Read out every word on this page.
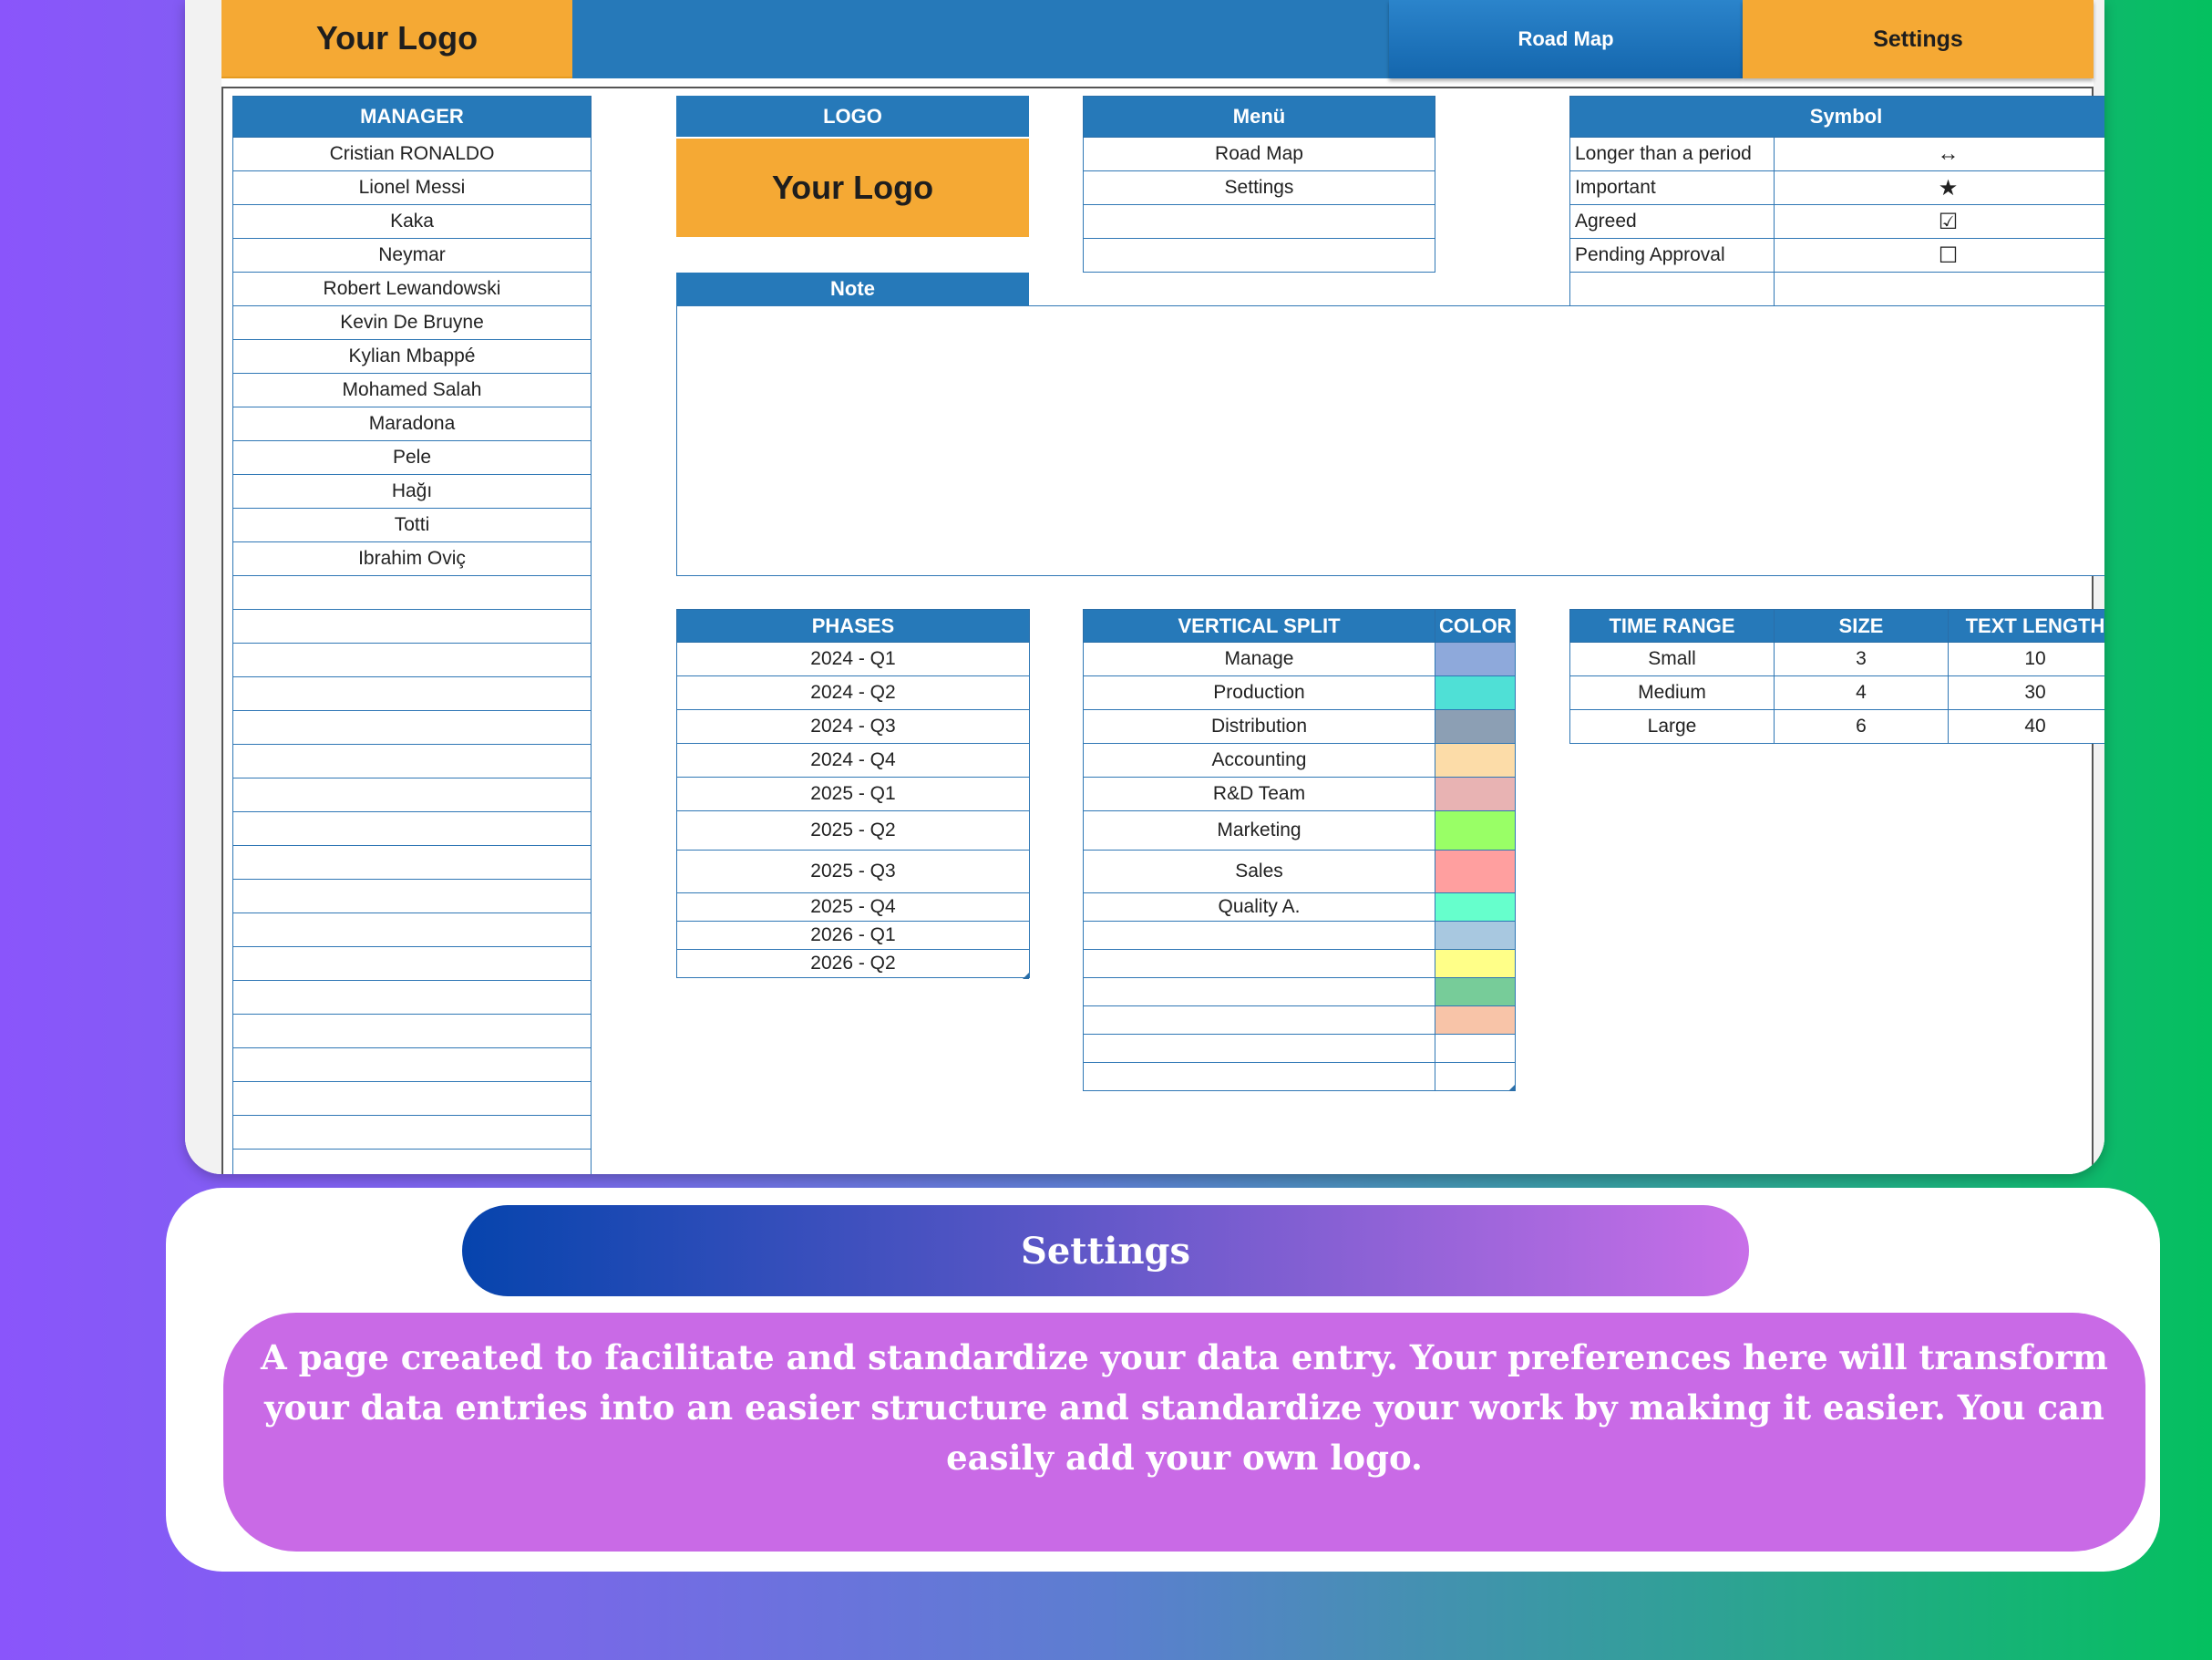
Your Logo	Road Map	Settings
MANAGER
Cristian RONALDO
Lionel Messi
Kaka
Neymar
Robert Lewandowski
Kevin De Bruyne
Kylian Mbappé
Mohamed Salah
Maradona
Pele
Hağı
Totti
Ibrahim Oviç

LOGO
Your Logo
Menü
Road Map
Settings

Symbol	
Longer than a period	↔
Important	★
Agreed	☑
Pending Approval	☐

Note
PHASES
2024 - Q1
2024 - Q2
2024 - Q3
2024 - Q4
2025 - Q1
2025 - Q2
2025 - Q3
2025 - Q4
2026 - Q1
2026 - Q2
VERTICAL SPLIT	COLOR
Manage	
Production	
Distribution	
Accounting	
R&D Team	
Marketing	
Sales	
Quality A.	

TIME RANGE	SIZE	TEXT LENGTH
Small	3	10
Medium	4	30
Large	6	40
Settings
A page created to facilitate and standardize your data entry. Your preferences here will transform your data entries into an easier structure and standardize your work by making it easier. You can easily add your own logo.
